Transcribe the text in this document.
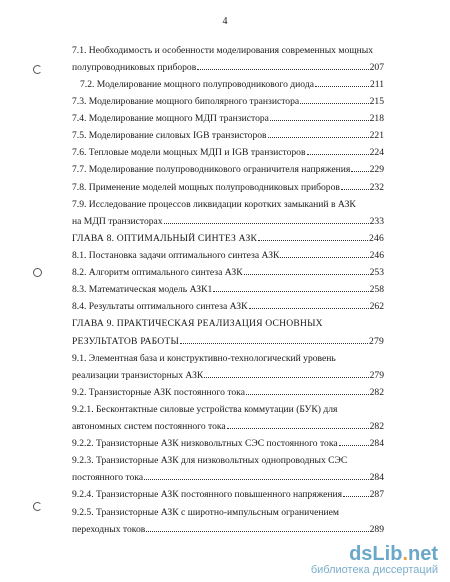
4
7.1. Необходимость и особенности моделирования современных мощных
полупроводниковых приборов	207
7.2. Моделирование мощного полупроводникового диода	211
7.3. Моделирование мощного биполярного транзистора	215
7.4. Моделирование мощного МДП транзистора	218
7.5. Моделирование силовых IGB транзисторов	221
7.6. Тепловые модели мощных МДП и IGB транзисторов	224
7.7. Моделирование полупроводникового ограничителя напряжения 229
7.8. Применение моделей мощных полупроводниковых приборов	232
7.9. Исследование процессов ликвидации коротких замыканий в АЗК
на МДП транзисторах	233
ГЛАВА 8. ОПТИМАЛЬНЫЙ СИНТЕЗ АЗК	246
8.1. Постановка задачи оптимального синтеза АЗК	246
8.2. Алгоритм оптимального синтеза АЗК	253
8.3. Математическая модель АЗК1	258
8.4. Результаты оптимального синтеза АЗК	262
ГЛАВА 9. ПРАКТИЧЕСКАЯ РЕАЛИЗАЦИЯ ОСНОВНЫХ
РЕЗУЛЬТАТОВ РАБОТЫ	279
9.1. Элементная база и конструктивно-технологический уровень
реализации транзисторных АЗК	279
9.2. Транзисторные АЗК постоянного тока	282
9.2.1. Бесконтактные силовые устройства коммутации (БУК) для
автономных систем постоянного тока	282
9.2.2. Транзисторные АЗК низковольтных СЭС постоянного тока	284
9.2.3. Транзисторные АЗК для низковольтных однопроводных СЭС
постоянного тока	284
9.2.4. Транзисторные АЗК постоянного повышенного напряжения	287
9.2.5. Транзисторные АЗК с широтно-импульсным ограничением
переходных токов	289
dsLib.net
библиотека диссертаций
